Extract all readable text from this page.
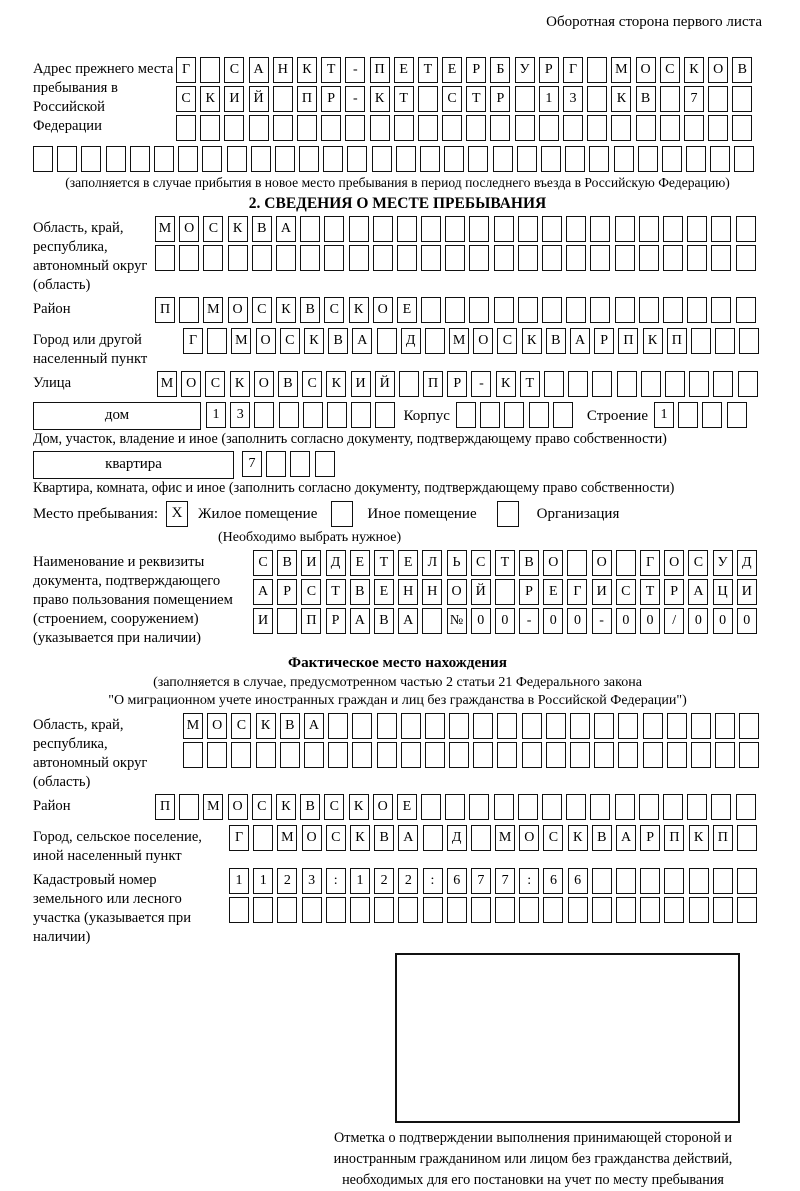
Оборотная сторона первого листа
Адрес прежнего места пребывания в Российской Федерации
Г	С А Н К Т - П Е Т Е Р Б У Р Г	М О С К О В
С К И Й	П Р - К Т	С Т Р	1 3	К В	7
(заполняется в случае прибытия в новое место пребывания в период последнего въезда в Российскую Федерацию)
2. СВЕДЕНИЯ О МЕСТЕ ПРЕБЫВАНИЯ
Область, край, республика, автономный округ (область)
М О С К В А
Район	П	М О С К В С К О Е
Город или другой населенный пункт
Г	М О С К В А	Д	М О С К В А Р П К П
Улица	М О С К О В С К И Й	П Р - К Т
дом	1 3	Корпус	Строение 1
Дом, участок, владение и иное (заполнить согласно документу, подтверждающему право собственности)
квартира	7
Квартира, комната, офис и иное (заполнить согласно документу, подтверждающему право собственности)
Место пребывания: X	Жилое помещение	Иное помещение	Организация
(Необходимо выбрать нужное)
Наименование и реквизиты документа, подтверждающего право пользования помещением (строением, сооружением) (указывается при наличии)
С В И Д Е Т Е Л Ь С Т В О	О	Г О С У Д
А Р С Т В Е Н Н О Й	Р Е Г И С Т Р А Ц И
И	П Р А В А	№ 0 0 - 0 0 - 0 0 / 0 0 0
Фактическое место нахождения
(заполняется в случае, предусмотренном частью 2 статьи 21 Федерального закона
"О миграционном учете иностранных граждан и лиц без гражданства в Российской Федерации")
Область, край, республика, автономный округ (область)
М О С К В А
Район	П	М О С К В С К О Е
Город, сельское поселение, иной населенный пункт
Г	М О С К В А	Д	М О С К В А Р П К П
Кадастровый номер земельного или лесного участка (указывается при наличии)
1 1 2 3 : 1 2 2 : 6 7 7 : 6 6
Отметка о подтверждении выполнения принимающей стороной и иностранным гражданином или лицом без гражданства действий, необходимых для его постановки на учет по месту пребывания
